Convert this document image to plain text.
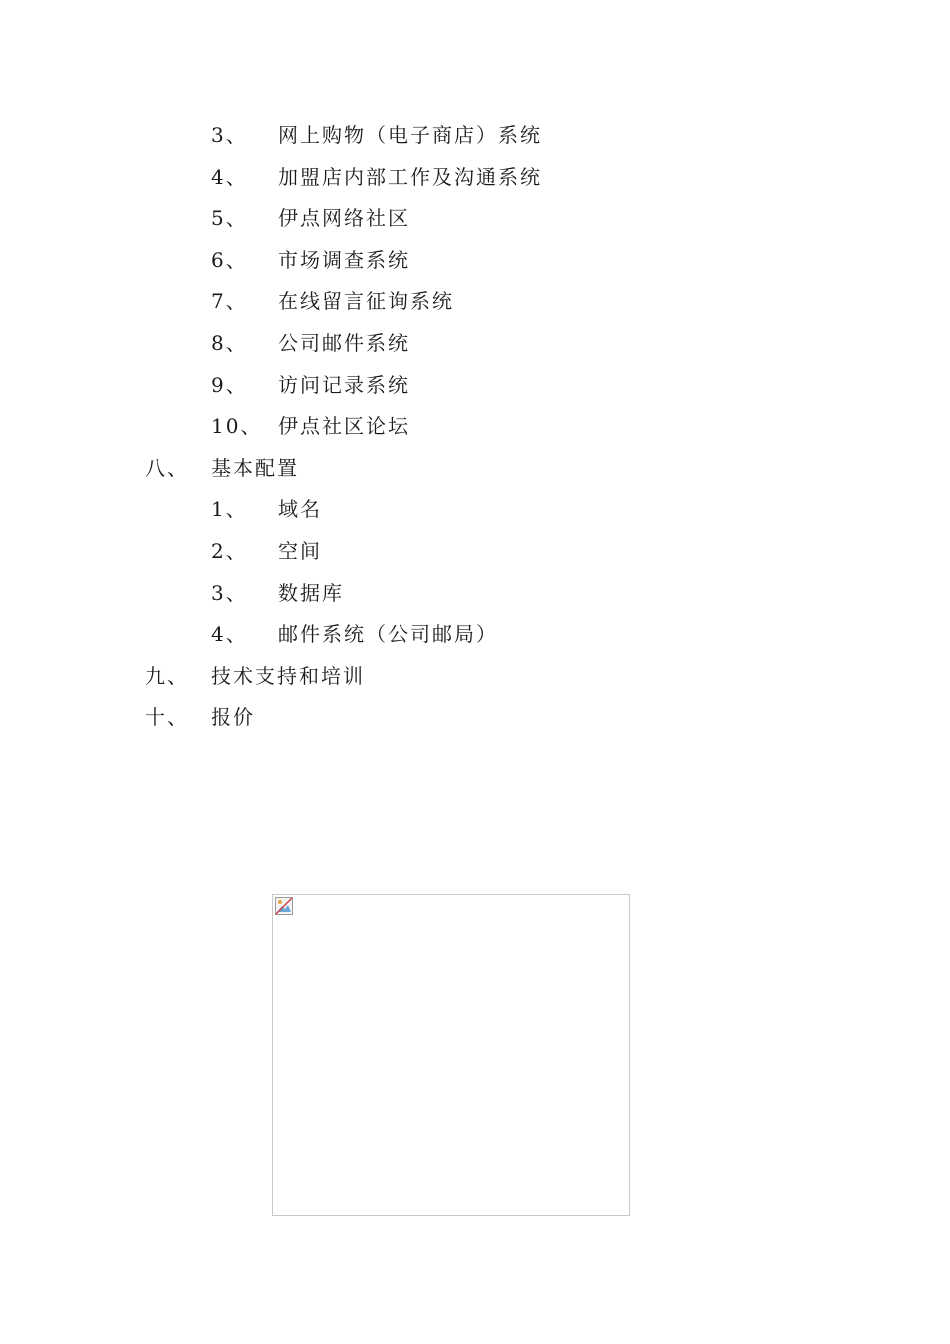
3、 网上购物（电子商店）系统
4、 加盟店内部工作及沟通系统
5、 伊点网络社区
6、 市场调查系统
7、 在线留言征询系统
8、 公司邮件系统
9、 访问记录系统
10、 伊点社区论坛
八、 基本配置
1、 域名
2、 空间
3、 数据库
4、 邮件系统（公司邮局）
九、 技术支持和培训
十、 报价
